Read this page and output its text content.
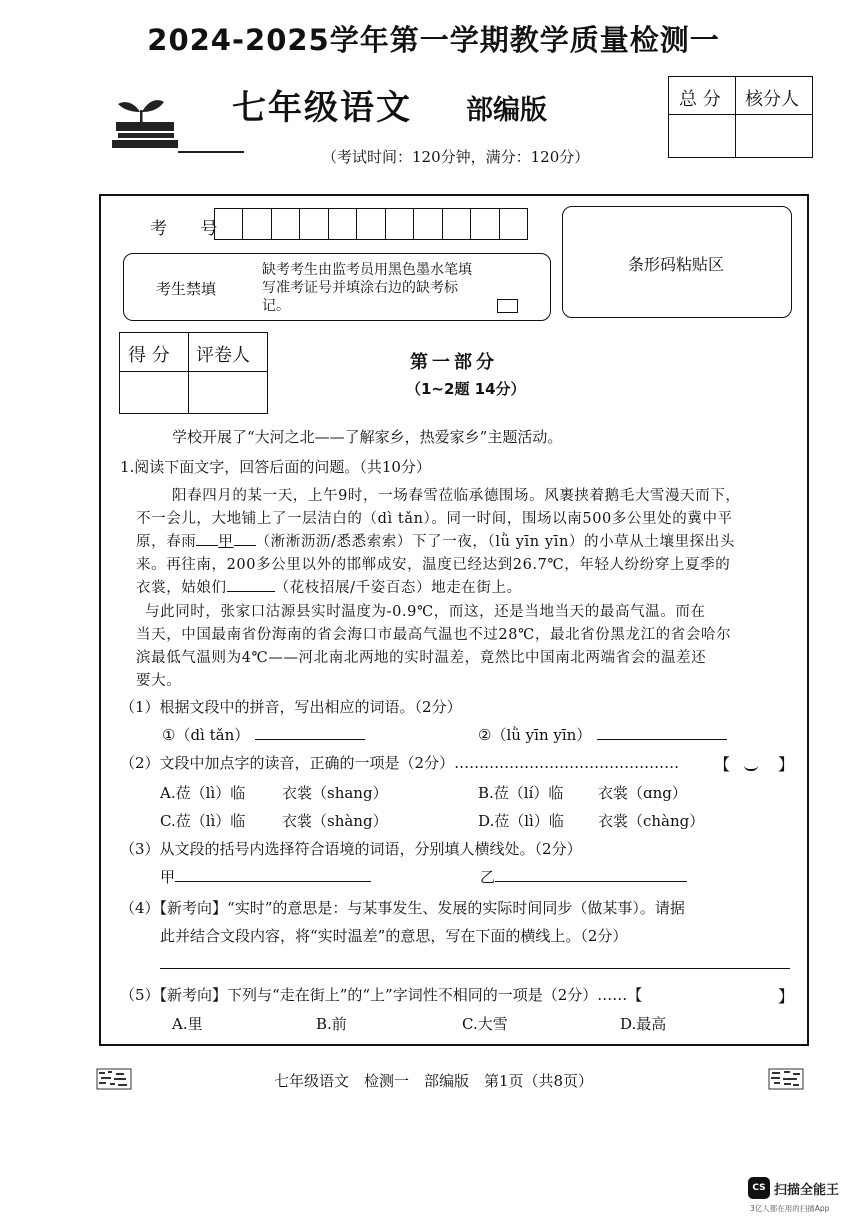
2024-2025学年第一学期教学质量检测一
七年级语文 部编版
（考试时间：120分钟，满分：120分）
总 分 核分人
考 号
考生禁填
缺考考生由监考员用黑色墨水笔填写准考证号并填涂右边的缺考标记。
条形码粘贴区
得 分 评卷人	第一部分
（1~2题 14分）
学校开展了“大河之北——了解家乡，热爱家乡”主题活动。
1.阅读下面文字，回答后面的问题。（共10分）
阳春四月的某一天，上午9时，一场春雪莅临承德围场。风裹挟着鹅毛大雪漫天而下，
不一会儿，大地铺上了一层洁白的（dì tǎn）。同一时间，围场以南500多公里处的冀中平
原，春雨 甲 （淅淅沥沥/悉悉索索）下了一夜，（lǜ yīn yīn）的小草从土壤里探出头
来。再往南，200多公里以外的邯郸成安，温度已经达到26.7℃，年轻人纷纷穿上夏季的
衣裳，姑娘们	（花枝招展/千姿百态）地走在街上。
与此同时，张家口沽源县实时温度为-0.9℃，而这，还是当地当天的最高气温。而在
当天，中国最南省份海南的省会海口市最高气温也不过28℃，最北省份黑龙江的省会哈尔
滨最低气温则为4℃——河北南北两地的实时温差，竟然比中国南北两端省会的温差还
要大。
（1）根据文段中的拼音，写出相应的词语。（2分）
①（dì tǎn）	②（lǜ yīn yīn）
（2）文段中加点字的读音，正确的一项是（2分）……………………………………… 【	】
A.莅（lì）临 衣裳（shang）	B.莅（lí）临 衣裳（ɑng）
C.莅（lì）临 衣裳（shàng）	D.莅（lì）临 衣裳（chàng）
（3）从文段的括号内选择符合语境的词语，分别填人横线处。（2分）
甲	乙
（4）【新考向】“实时”的意思是：与某事发生、发展的实际时间同步（做某事）。请据
此并结合文段内容，将“实时温差”的意思，写在下面的横线上。（2分）
（5）【新考向】下列与“走在街上”的“上”字词性不相同的一项是（2分）……【	】
A.里	B.前	C.大雪	D.最高
七年级语文　检测一　部编版　第1页（共8页）
CS 扫描全能王
3亿人都在用的扫描App
